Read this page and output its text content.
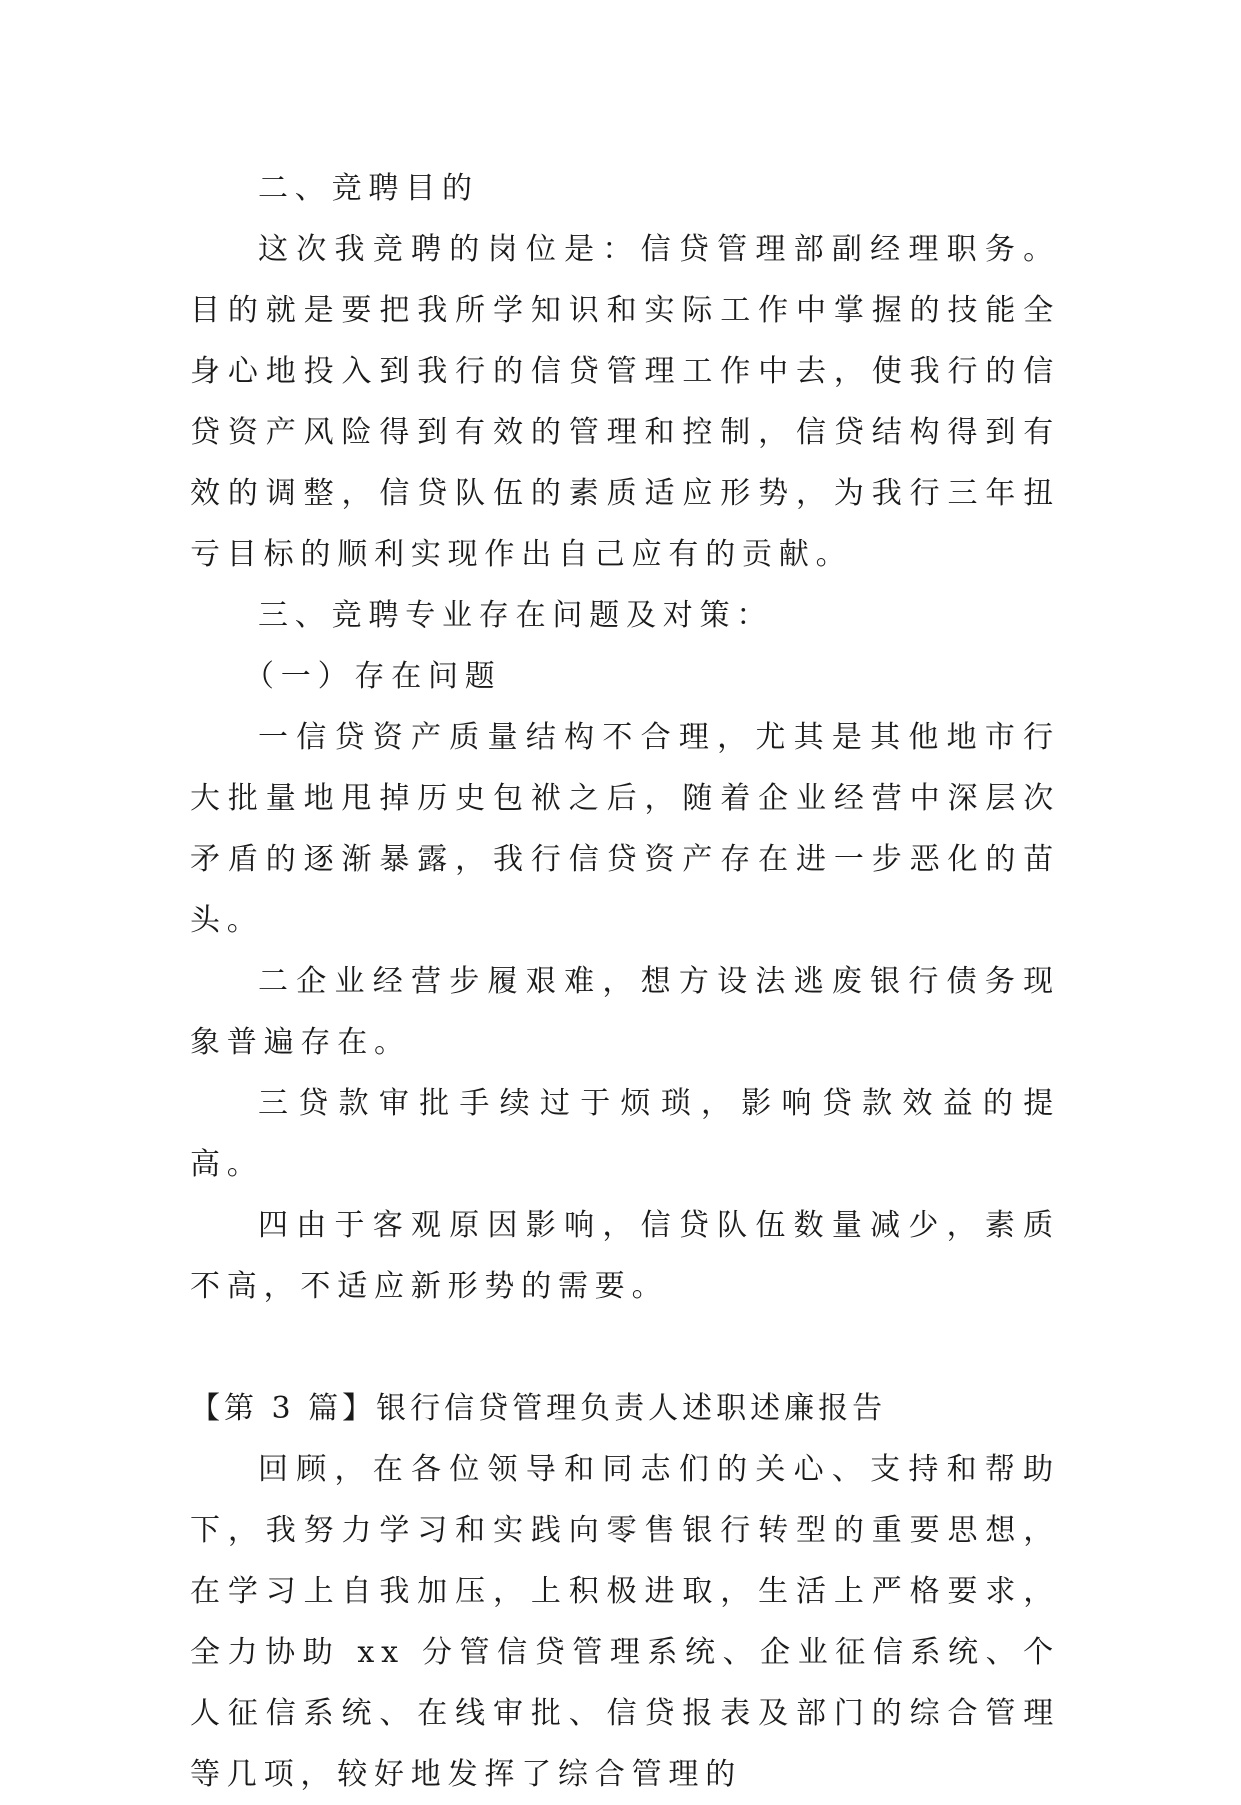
二、竞聘目的

这次我竞聘的岗位是：信贷管理部副经理职务。目的就是要把我所学知识和实际工作中掌握的技能全身心地投入到我行的信贷管理工作中去，使我行的信贷资产风险得到有效的管理和控制，信贷结构得到有效的调整，信贷队伍的素质适应形势，为我行三年扭亏目标的顺利实现作出自己应有的贡献。

三、竞聘专业存在问题及对策：

（一）存在问题

一信贷资产质量结构不合理，尤其是其他地市行大批量地甩掉历史包袱之后，随着企业经营中深层次矛盾的逐渐暴露，我行信贷资产存在进一步恶化的苗头。

二企业经营步履艰难，想方设法逃废银行债务现象普遍存在。

三贷款审批手续过于烦琐，影响贷款效益的提高。

四由于客观原因影响，信贷队伍数量减少，素质不高，不适应新形势的需要。

【第 3 篇】银行信贷管理负责人述职述廉报告

回顾，在各位领导和同志们的关心、支持和帮助下，我努力学习和实践向零售银行转型的重要思想，在学习上自我加压，上积极进取，生活上严格要求，全力协助 xx 分管信贷管理系统、企业征信系统、个人征信系统、在线审批、信贷报表及部门的综合管理等几项，较好地发挥了综合管理的
